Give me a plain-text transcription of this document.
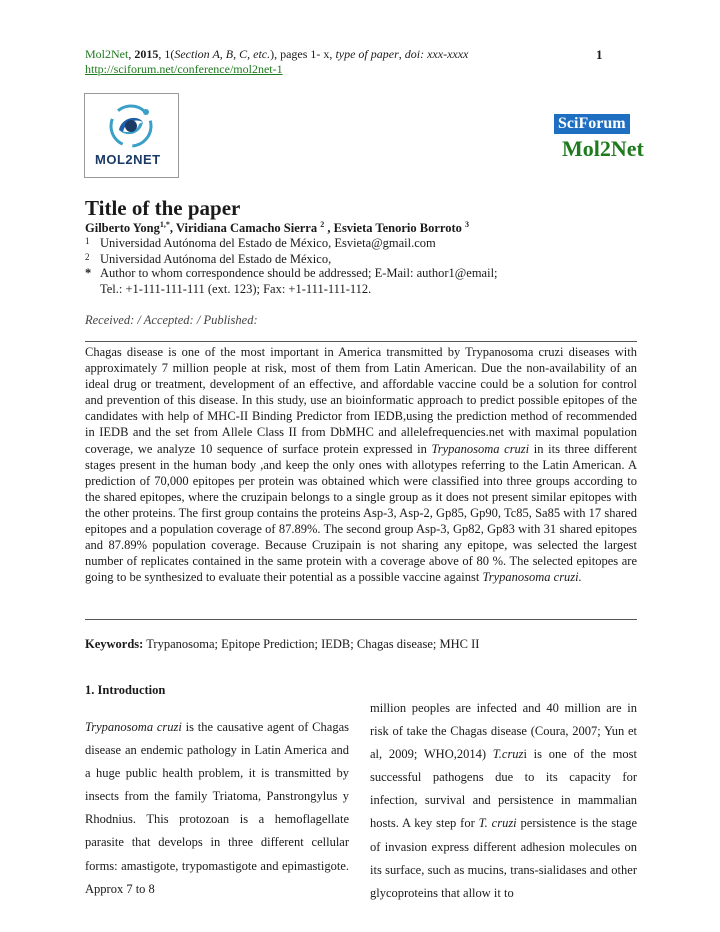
Mol2Net, 2015, 1(Section A, B, C, etc.), pages 1- x, type of paper, doi: xxx-xxxx
http://sciforum.net/conference/mol2net-1
1
MOL2NET
SciForum
Mol2Net
Title of the paper
Gilberto Yong$^{1,*}$, Viridiana Camacho Sierra $^2$ , Esvieta Tenorio Borroto $^3$
1 Universidad Autónoma del Estado de México, Esvieta@gmail.com
2 Universidad Autónoma del Estado de México,
* Author to whom correspondence should be addressed; E-Mail: author1@email;
Tel.: +1-111-111-111 (ext. 123); Fax: +1-111-111-112.
Received: / Accepted: / Published:
Chagas disease is one of the most important in America transmitted by Trypanosoma cruzi diseases with approximately 7 million people at risk, most of them from Latin American. Due the non-availability of an ideal drug or treatment, development of an effective, and affordable vaccine could be a solution for control and prevention of this disease. In this study, use an bioinformatic approach to predict possible epitopes of the candidates with help of MHC-II Binding Predictor from IEDB,using the prediction method of recommended in IEDB and the set from Allele Class II from DbMHC and allelefrequencies.net with maximal population coverage, we analyze 10 sequence of surface protein expressed in Trypanosoma cruzi in its three different stages present in the human body ,and keep the only ones with allotypes referring to the Latin American. A prediction of 70,000 epitopes per protein was obtained which were classified into three groups according to the shared epitopes, where the cruzipain belongs to a single group as it does not present similar epitopes with the other proteins. The first group contains the proteins Asp-3, Asp-2, Gp85, Gp90, Tc85, Sa85 with 17 shared epitopes and a population coverage of 87.89%. The second group Asp-3, Gp82, Gp83 with 31 shared epitopes and 87.89% population coverage. Because Cruzipain is not sharing any epitope, was selected the largest number of replicates contained in the same protein with a coverage above of 80 %. The selected epitopes are going to be synthesized to evaluate their potential as a possible vaccine against Trypanosoma cruzi.
Keywords: Trypanosoma; Epitope Prediction; IEDB; Chagas disease; MHC II
1. Introduction
Trypanosoma cruzi is the causative agent of Chagas disease an endemic pathology in Latin America and a huge public health problem, it is transmitted by insects from the family Triatoma, Panstrongylus y Rhodnius. This protozoan is a hemoflagellate parasite that develops in three different cellular forms: amastigote, trypomastigote and epimastigote. Approx 7 to 8
million peoples are infected and 40 million are in risk of take the Chagas disease (Coura, 2007; Yun et al, 2009; WHO,2014) T.cruzi is one of the most successful pathogens due to its capacity for infection, survival and persistence in mammalian hosts. A key step for T. cruzi persistence is the stage of invasion express different adhesion molecules on its surface, such as mucins, trans-sialidases and other glycoproteins that allow it to
